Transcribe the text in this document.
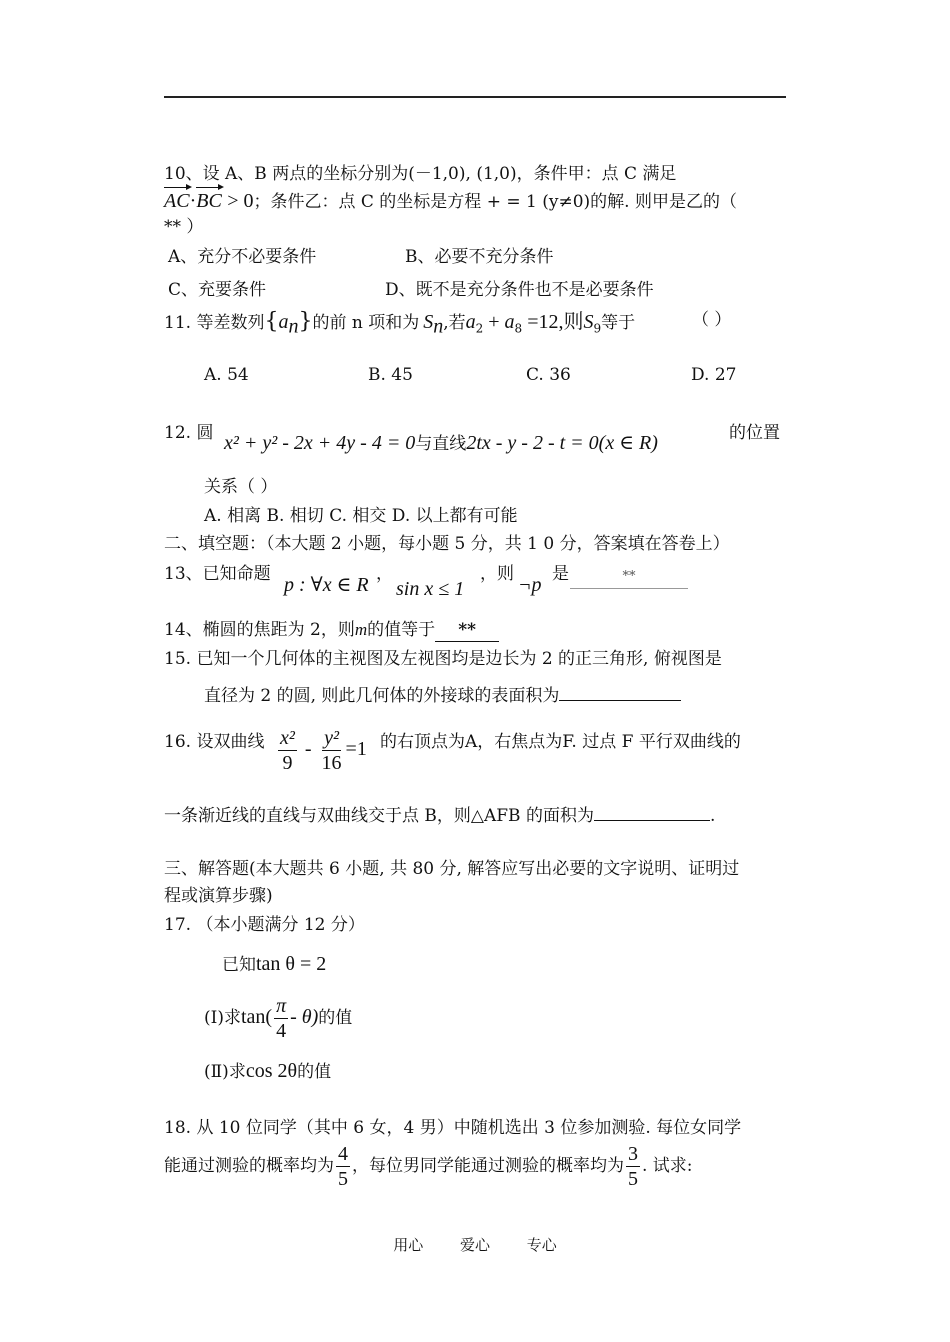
10、设 A、B 两点的坐标分别为(－1,0), (1,0)，条件甲：点 C 满足
AC·BC > 0；条件乙：点 C 的坐标是方程 + = 1 (y≠0)的解. 则甲是乙的（
** ）
A、充分不必要条件	B、必要不充分条件
C、充要条件	D、既不是充分条件也不是必要条件
11. 等差数列$\{a_n\}$的前 n 项和为 $S_n$,若$a_2 + a_8 =12$,则$S_9$等于	（ ）
A. 54	B. 45	C. 36	D. 27
12. 圆 x² + y² - 2x + 4y - 4 = 0与直线2tx - y - 2 - t = 0(x ∈ R)	的位置
关系（ ）
A. 相离 B. 相切 C. 相交 D. 以上都有可能
二、填空题：（本大题 2 小题，每小题 5 分，共 1 0 分，答案填在答卷上）
13、已知命题 p : ∀x ∈ R ，
sin x ≤ 1
，则 ¬p 是	**
14、椭圆的焦距为 2，则m的值等于 **
15. 已知一个几何体的主视图及左视图均是边长为 2 的正三角形, 俯视图是
直径为 2 的圆, 则此几何体的外接球的表面积为
16. 设双曲线 $\frac{\text{x²}}{9} - \frac{\text{y²}}{16} =1$ 的右顶点为A，右焦点为F. 过点 F 平行双曲线的
一条渐近线的直线与双曲线交于点 B，则△AFB 的面积为	.
三、解答题(本大题共 6 小题, 共 80 分, 解答应写出必要的文字说明、证明过
程或演算步骤)
17. （本小题满分 12 分）
已知tan θ = 2
(Ⅰ)求$\tan( \frac{\pi}{4} - \theta)$的值
(Ⅱ)求cos 2θ的值
18. 从 10 位同学（其中 6 女，4 男）中随机选出 3 位参加测验. 每位女同学
能通过测验的概率均为 $\frac{4}{5}$ ，每位男同学能通过测验的概率均为 $\frac{3}{5}$ . 试求:
用心 爱心 专心
